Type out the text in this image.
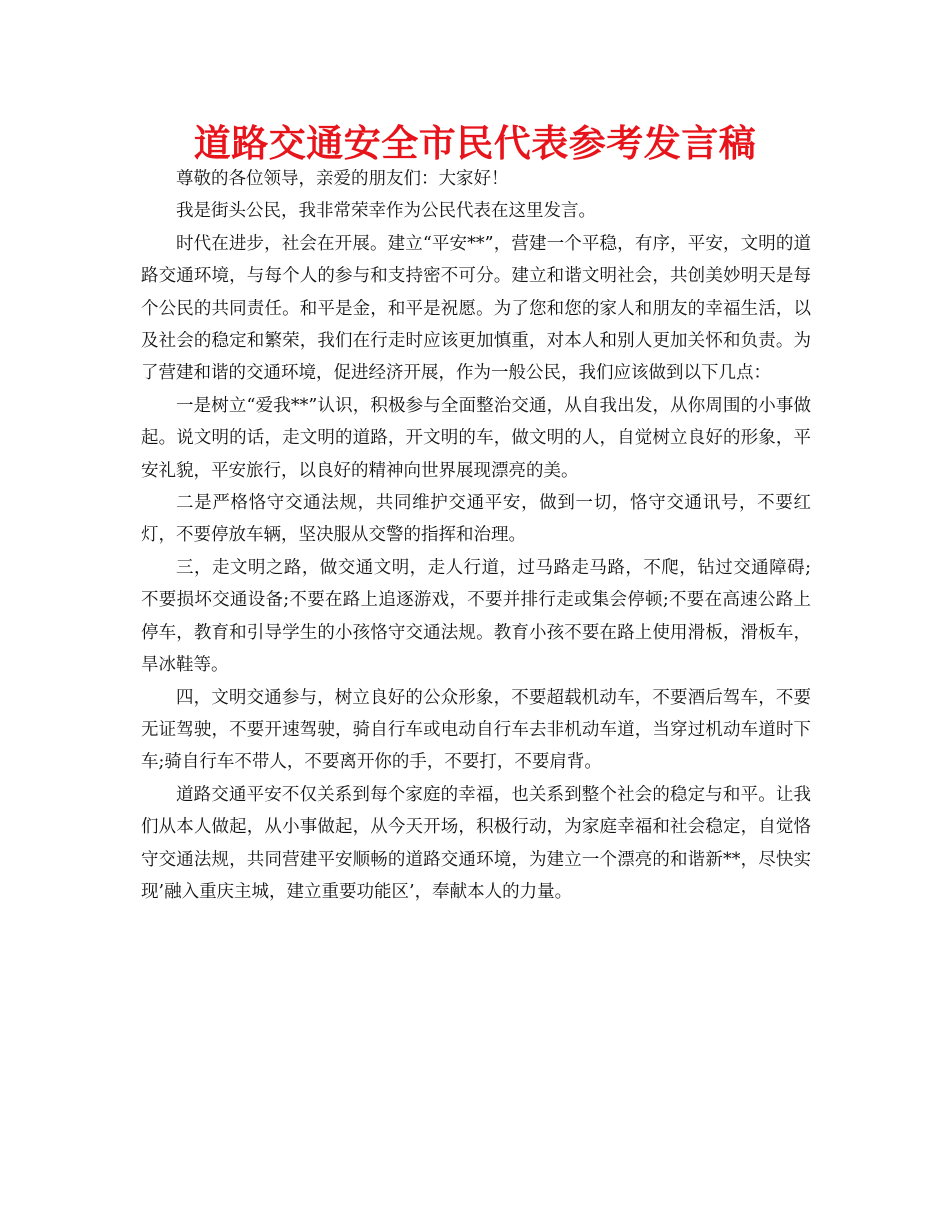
道路交通安全市民代表参考发言稿

尊敬的各位领导，亲爱的朋友们：大家好！

我是街头公民，我非常荣幸作为公民代表在这里发言。

时代在进步，社会在开展。建立“平安**”，营建一个平稳，有序，平安，文明的道路交通环境，与每个人的参与和支持密不可分。建立和谐文明社会，共创美妙明天是每个公民的共同责任。和平是金，和平是祝愿。为了您和您的家人和朋友的幸福生活，以及社会的稳定和繁荣，我们在行走时应该更加慎重，对本人和别人更加关怀和负责。为了营建和谐的交通环境，促进经济开展，作为一般公民，我们应该做到以下几点：

一是树立“爱我**”认识，积极参与全面整治交通，从自我出发，从你周围的小事做起。说文明的话，走文明的道路，开文明的车，做文明的人，自觉树立良好的形象，平安礼貌，平安旅行，以良好的精神向世界展现漂亮的美。

二是严格恪守交通法规，共同维护交通平安，做到一切，恪守交通讯号，不要红灯，不要停放车辆，坚决服从交警的指挥和治理。

三，走文明之路，做交通文明，走人行道，过马路走马路，不爬，钻过交通障碍;不要损坏交通设备;不要在路上追逐游戏，不要并排行走或集会停顿;不要在高速公路上停车，教育和引导学生的小孩恪守交通法规。教育小孩不要在路上使用滑板，滑板车，旱冰鞋等。

四，文明交通参与，树立良好的公众形象，不要超载机动车，不要酒后驾车，不要无证驾驶，不要开速驾驶，骑自行车或电动自行车去非机动车道，当穿过机动车道时下车;骑自行车不带人，不要离开你的手，不要打，不要肩背。

道路交通平安不仅关系到每个家庭的幸福，也关系到整个社会的稳定与和平。让我们从本人做起，从小事做起，从今天开场，积极行动，为家庭幸福和社会稳定，自觉恪守交通法规，共同营建平安顺畅的道路交通环境，为建立一个漂亮的和谐新**，尽快实现’融入重庆主城，建立重要功能区’，奉献本人的力量。
